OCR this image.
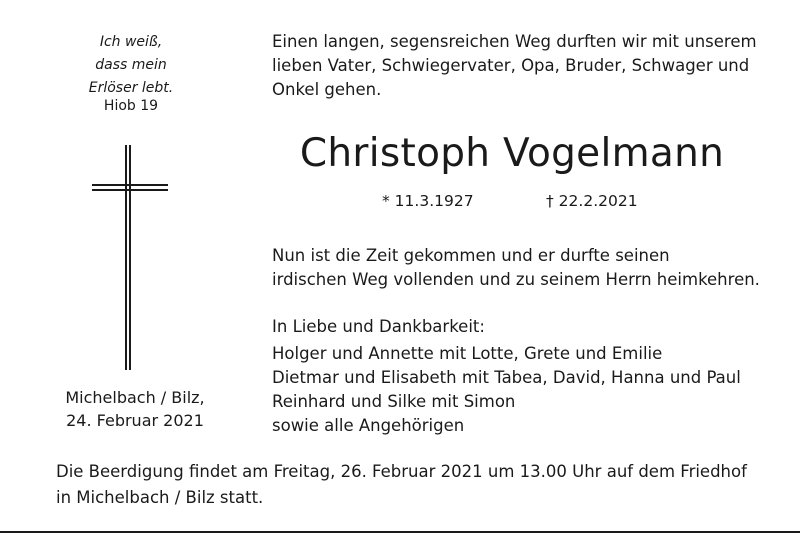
Ich weiß,
dass mein
Erlöser lebt.
Hiob 19
Michelbach / Bilz,
24. Februar 2021
Einen langen, segensreichen Weg durften wir mit unserem
lieben Vater, Schwiegervater, Opa, Bruder, Schwager und
Onkel gehen.
Christoph Vogelmann
* 11.3.1927	† 22.2.2021
Nun ist die Zeit gekommen und er durfte seinen
irdischen Weg vollenden und zu seinem Herrn heimkehren.
In Liebe und Dankbarkeit:
Holger und Annette mit Lotte, Grete und Emilie
Dietmar und Elisabeth mit Tabea, David, Hanna und Paul
Reinhard und Silke mit Simon
sowie alle Angehörigen
Die Beerdigung findet am Freitag, 26. Februar 2021 um 13.00 Uhr auf dem Friedhof
in Michelbach / Bilz statt.
